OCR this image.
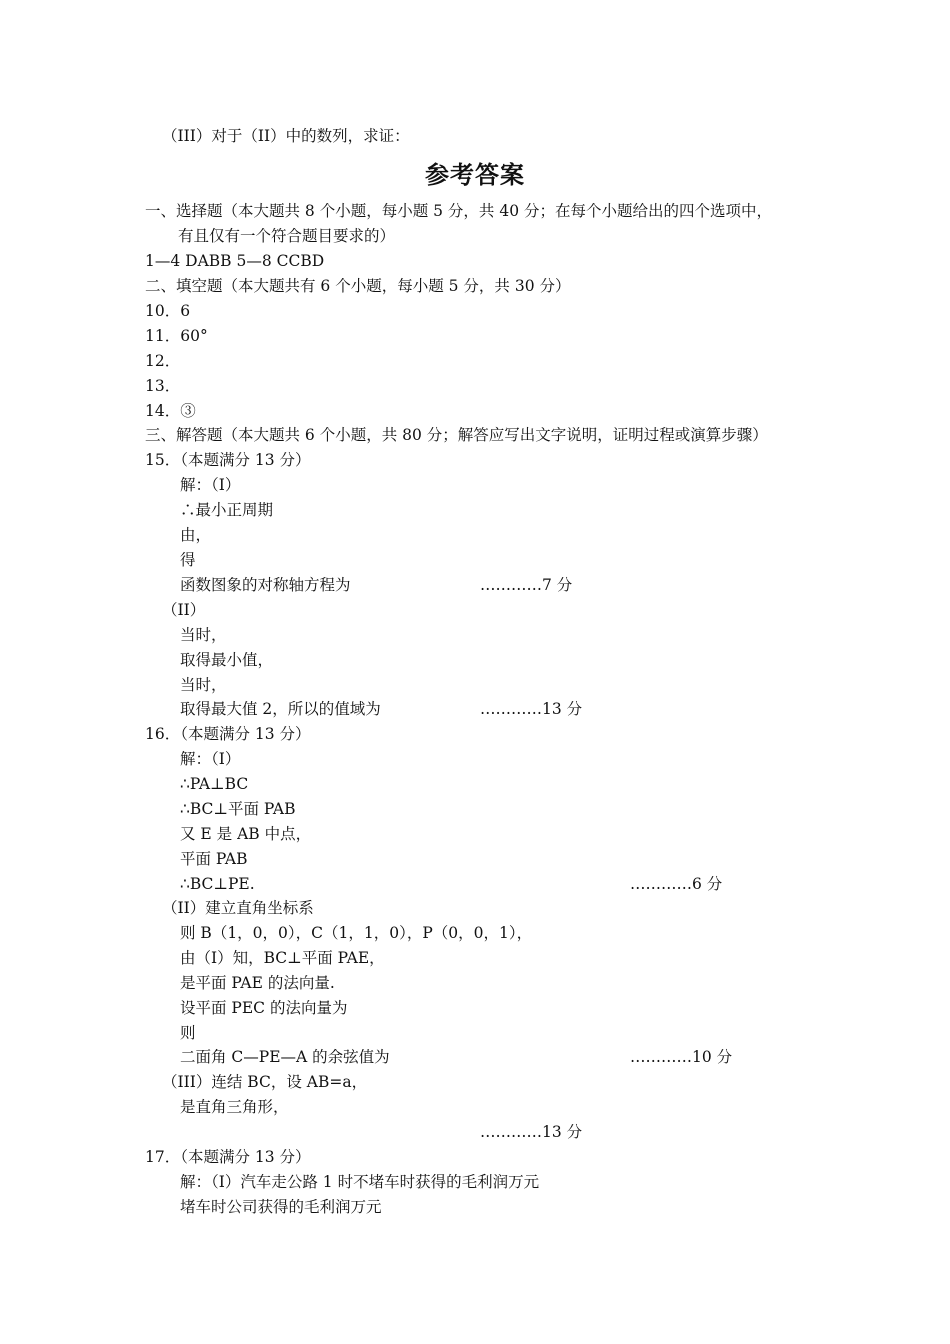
（III）对于（II）中的数列，求证：
参考答案
一、选择题（本大题共 8 个小题，每小题 5 分，共 40 分；在每个小题给出的四个选项中，
有且仅有一个符合题目要求的）
1—4 DABB 5—8 CCBD
二、填空题（本大题共有 6 个小题，每小题 5 分，共 30 分）
10．6
11．60°
12．
13．
14．③
三、解答题（本大题共 6 个小题，共 80 分；解答应写出文字说明，证明过程或演算步骤）
15．（本题满分 13 分）
解：（I）
∴最小正周期
由，
得
函数图象的对称轴方程为	…………7 分
（II）
当时，
取得最小值，
当时，
取得最大值 2，所以的值域为	…………13 分
16．（本题满分 13 分）
解：（I）
∴PA⊥BC
∴BC⊥平面 PAB
又 E 是 AB 中点，
平面 PAB
∴BC⊥PE.	…………6 分
（II）建立直角坐标系
则 B（1，0，0），C（1，1，0），P（0，0，1），
由（I）知，BC⊥平面 PAE，
是平面 PAE 的法向量.
设平面 PEC 的法向量为
则
二面角 C—PE—A 的余弦值为	…………10 分
（III）连结 BC，设 AB=a，
是直角三角形，
…………13 分
17．（本题满分 13 分）
解：（I）汽车走公路 1 时不堵车时获得的毛利润万元
堵车时公司获得的毛利润万元
